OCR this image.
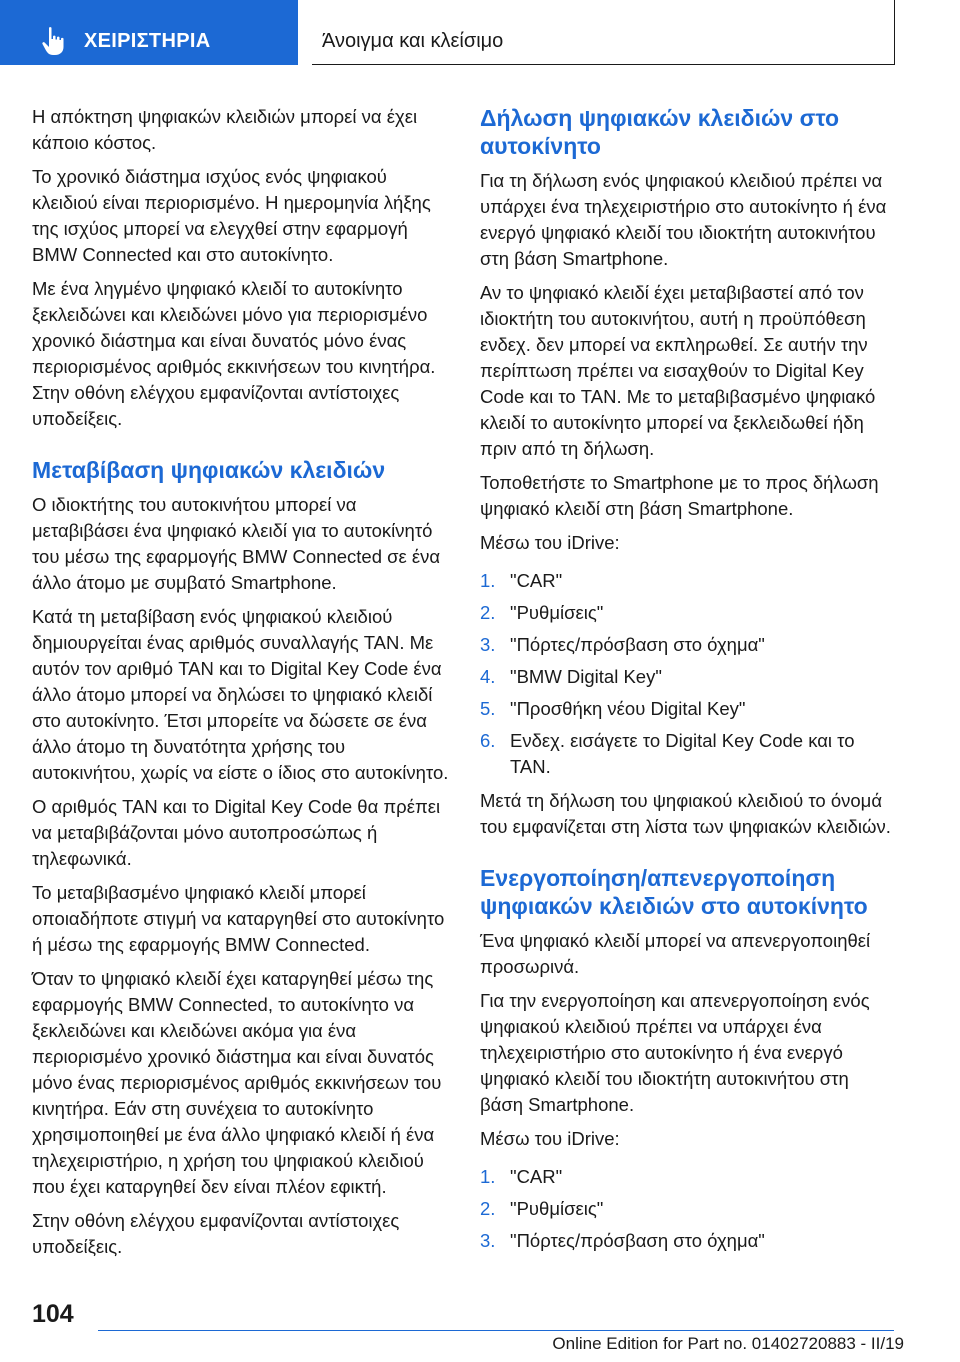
ΧΕΙΡΙΣΤΗΡΙΑ	Άνοιγμα και κλείσιμο

Η απόκτηση ψηφιακών κλειδιών μπορεί να έχει κάποιο κόστος.

Το χρονικό διάστημα ισχύος ενός ψηφιακού κλειδιού είναι περιορισμένο. Η ημερομηνία λήξης της ισχύος μπορεί να ελεγχθεί στην εφαρμογή BMW Connected και στο αυτοκίνητο.

Με ένα ληγμένο ψηφιακό κλειδί το αυτοκίνητο ξεκλειδώνει και κλειδώνει μόνο για περιορισμένο χρονικό διάστημα και είναι δυνατός μόνο ένας περιορισμένος αριθμός εκκινήσεων του κινητήρα. Στην οθόνη ελέγχου εμφανίζονται αντίστοιχες υποδείξεις.

Μεταβίβαση ψηφιακών κλειδιών

Ο ιδιοκτήτης του αυτοκινήτου μπορεί να μεταβιβάσει ένα ψηφιακό κλειδί για το αυτοκίνητό του μέσω της εφαρμογής BMW Connected σε ένα άλλο άτομο με συμβατό Smartphone.

Κατά τη μεταβίβαση ενός ψηφιακού κλειδιού δημιουργείται ένας αριθμός συναλλαγής TAN. Με αυτόν τον αριθμό TAN και το Digital Key Code ένα άλλο άτομο μπορεί να δηλώσει το ψηφιακό κλειδί στο αυτοκίνητο. Έτσι μπορείτε να δώσετε σε ένα άλλο άτομο τη δυνατότητα χρήσης του αυτοκινήτου, χωρίς να είστε ο ίδιος στο αυτοκίνητο.

Ο αριθμός TAN και το Digital Key Code θα πρέπει να μεταβιβάζονται μόνο αυτοπροσώπως ή τηλεφωνικά.

Το μεταβιβασμένο ψηφιακό κλειδί μπορεί οποιαδήποτε στιγμή να καταργηθεί στο αυτοκίνητο ή μέσω της εφαρμογής BMW Connected.

Όταν το ψηφιακό κλειδί έχει καταργηθεί μέσω της εφαρμογής BMW Connected, το αυτοκίνητο να ξεκλειδώνει και κλειδώνει ακόμα για ένα περιορισμένο χρονικό διάστημα και είναι δυνατός μόνο ένας περιορισμένος αριθμός εκκινήσεων του κινητήρα. Εάν στη συνέχεια το αυτοκίνητο χρησιμοποιηθεί με ένα άλλο ψηφιακό κλειδί ή ένα τηλεχειριστήριο, η χρήση του ψηφιακού κλειδιού που έχει καταργηθεί δεν είναι πλέον εφικτή.

Στην οθόνη ελέγχου εμφανίζονται αντίστοιχες υποδείξεις.

Δήλωση ψηφιακών κλειδιών στο αυτοκίνητο

Για τη δήλωση ενός ψηφιακού κλειδιού πρέπει να υπάρχει ένα τηλεχειριστήριο στο αυτοκίνητο ή ένα ενεργό ψηφιακό κλειδί του ιδιοκτήτη αυτοκινήτου στη βάση Smartphone.

Αν το ψηφιακό κλειδί έχει μεταβιβαστεί από τον ιδιοκτήτη του αυτοκινήτου, αυτή η προϋπόθεση ενδεχ. δεν μπορεί να εκπληρωθεί. Σε αυτήν την περίπτωση πρέπει να εισαχθούν το Digital Key Code και το TAN. Με το μεταβιβασμένο ψηφιακό κλειδί το αυτοκίνητο μπορεί να ξεκλειδωθεί ήδη πριν από τη δήλωση.

Τοποθετήστε το Smartphone με το προς δήλωση ψηφιακό κλειδί στη βάση Smartphone.

Μέσω του iDrive:

1. "CAR"
2. "Ρυθμίσεις"
3. "Πόρτες/πρόσβαση στο όχημα"
4. "BMW Digital Key"
5. "Προσθήκη νέου Digital Key"
6. Ενδεχ. εισάγετε το Digital Key Code και το TAN.

Μετά τη δήλωση του ψηφιακού κλειδιού το όνομά του εμφανίζεται στη λίστα των ψηφιακών κλειδιών.

Ενεργοποίηση/απενεργοποίηση ψηφιακών κλειδιών στο αυτοκίνητο

Ένα ψηφιακό κλειδί μπορεί να απενεργοποιηθεί προσωρινά.

Για την ενεργοποίηση και απενεργοποίηση ενός ψηφιακού κλειδιού πρέπει να υπάρχει ένα τηλεχειριστήριο στο αυτοκίνητο ή ένα ενεργό ψηφιακό κλειδί του ιδιοκτήτη αυτοκινήτου στη βάση Smartphone.

Μέσω του iDrive:

1. "CAR"
2. "Ρυθμίσεις"
3. "Πόρτες/πρόσβαση στο όχημα"
104
Online Edition for Part no. 01402720883 - II/19
